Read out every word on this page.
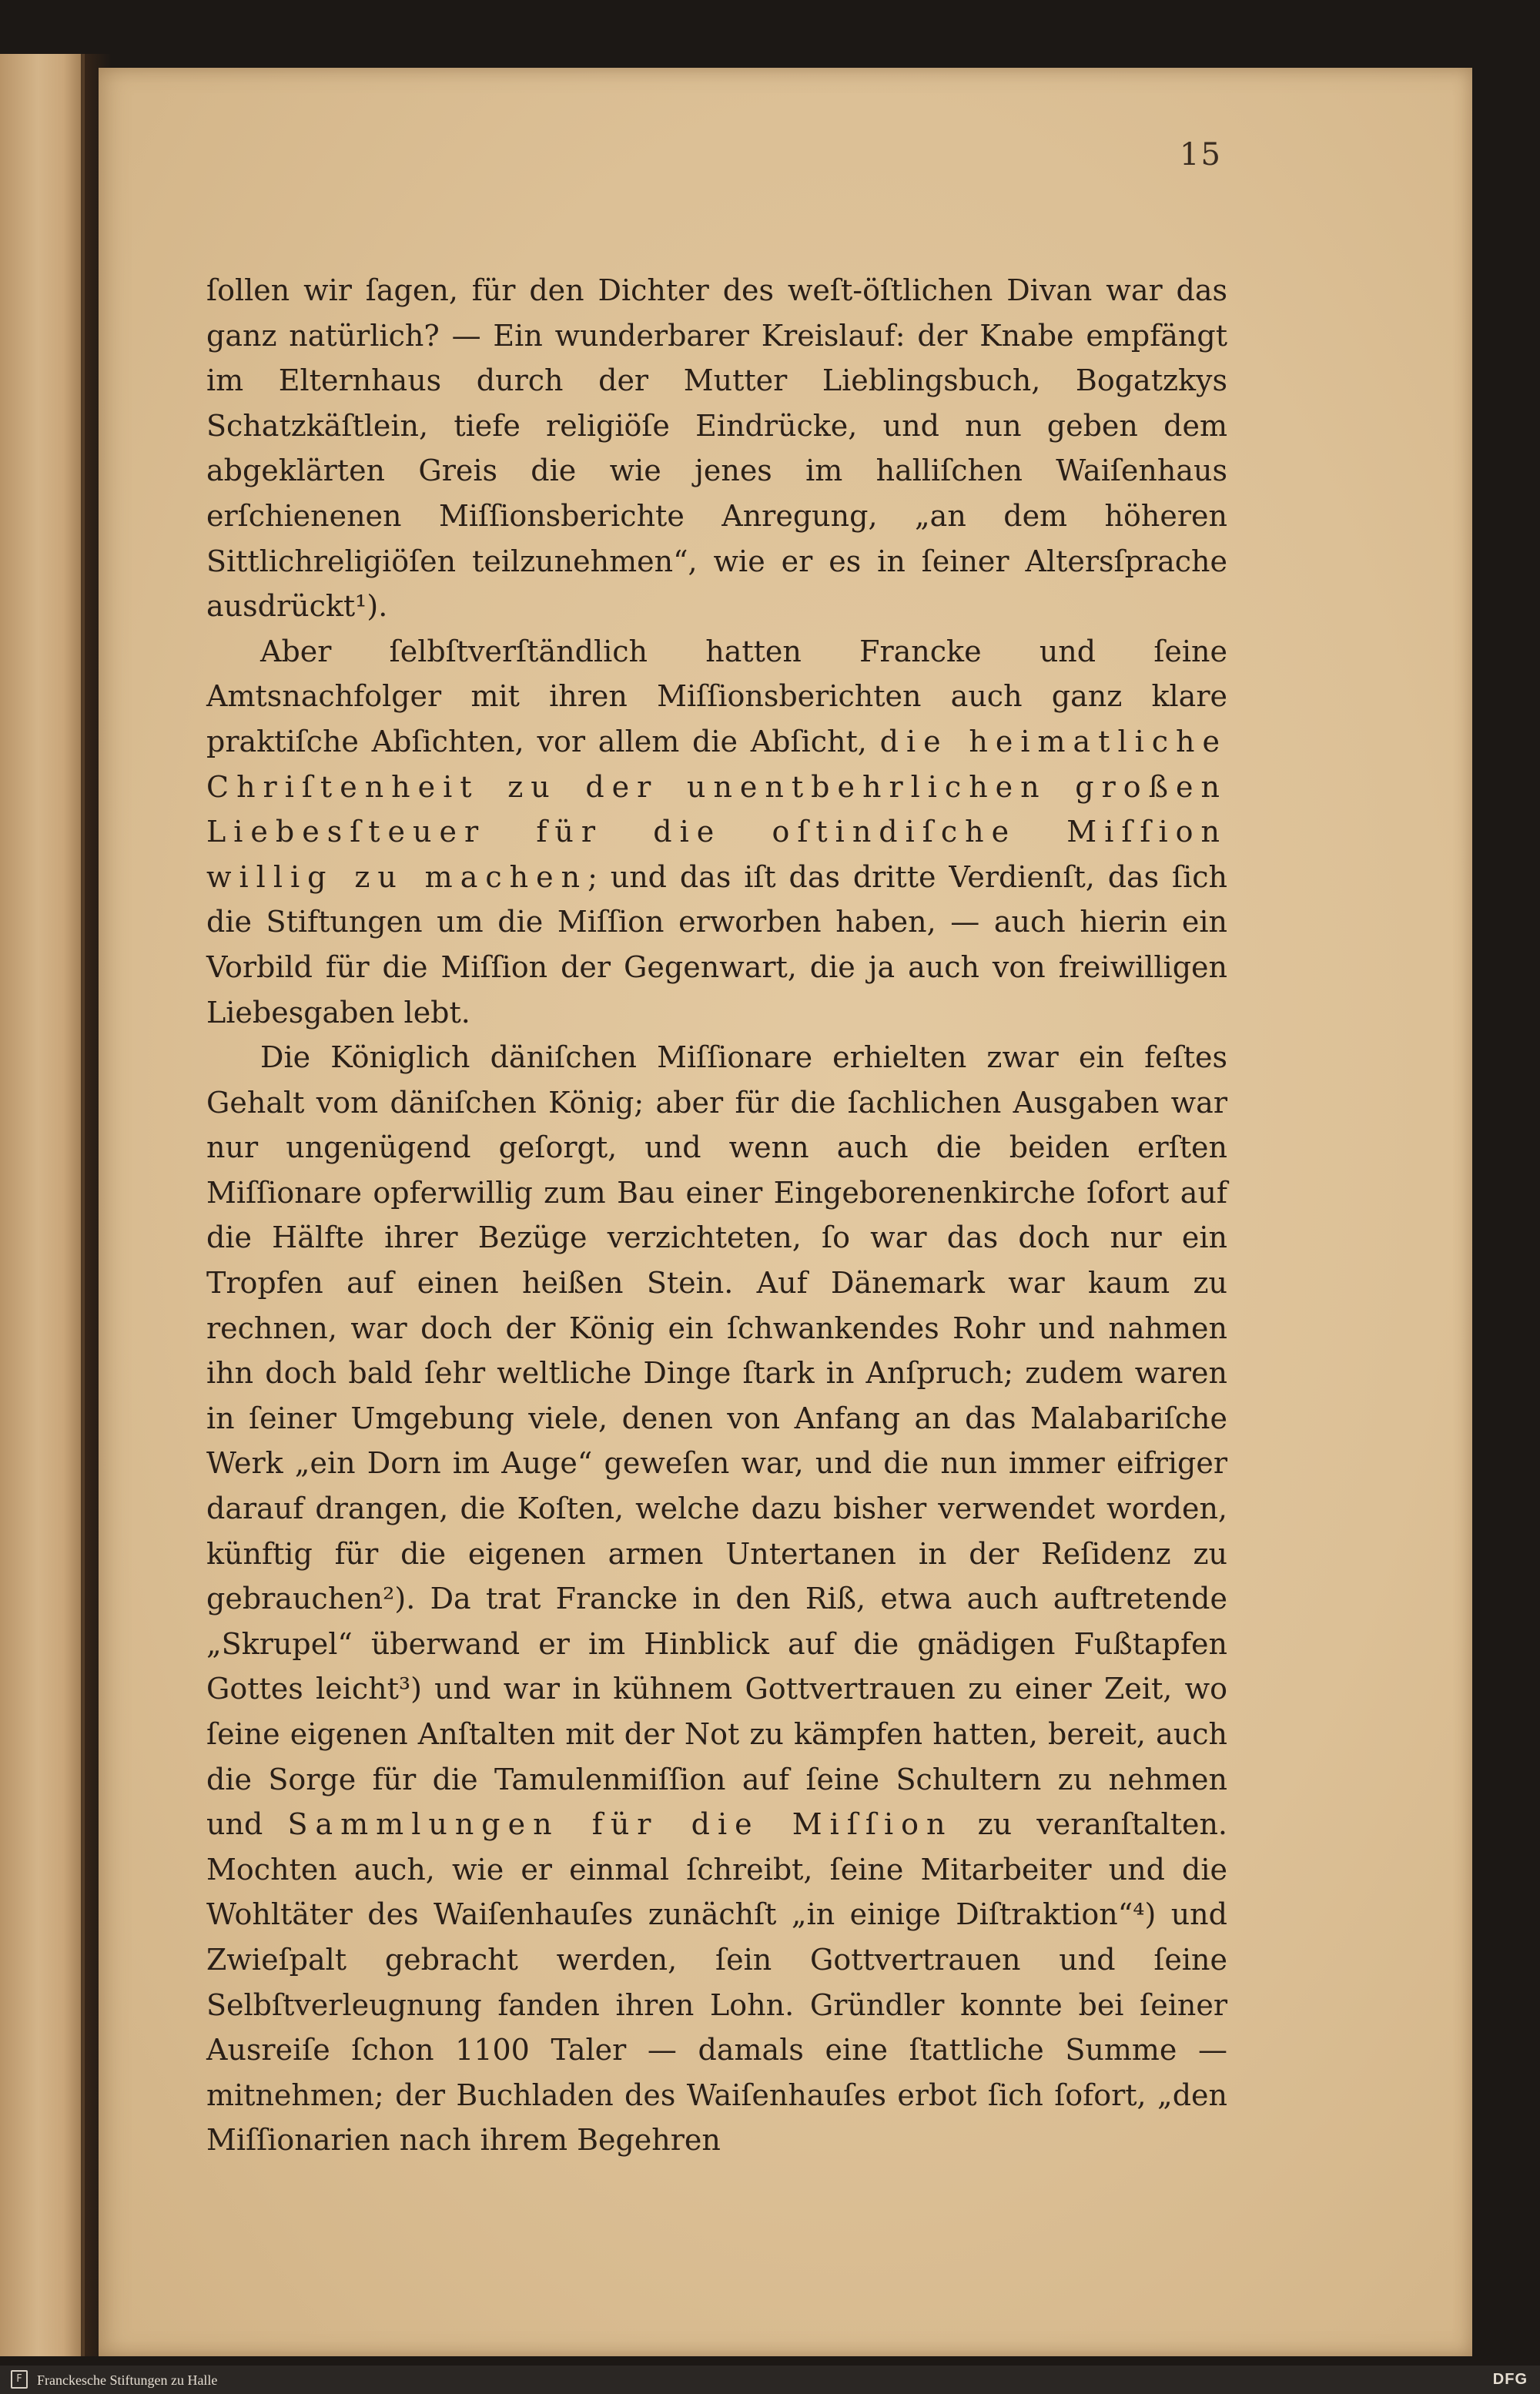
15

ſollen wir ſagen, für den Dichter des weſt‑öſtlichen Divan war das ganz natürlich? — Ein wunderbarer Kreislauf: der Knabe empfängt im Elternhaus durch der Mutter Lieblingsbuch, Bogatzkys Schatzkäſtlein, tiefe religiöſe Eindrücke, und nun geben dem abgeklärten Greis die wie jenes im halliſchen Waiſenhaus erſchienenen Miſſionsberichte Anregung, „an dem höheren Sittlichreligiöſen teilzunehmen“, wie er es in ſeiner Altersſprache ausdrückt¹).

Aber ſelbſtverſtändlich hatten Francke und ſeine Amtsnachfolger mit ihren Miſſionsberichten auch ganz klare praktiſche Abſichten, vor allem die Abſicht, die heimatliche Chriſtenheit zu der unentbehrlichen großen Liebesſteuer für die oſtindiſche Miſſion willig zu machen; und das iſt das dritte Verdienſt, das ſich die Stiftungen um die Miſſion erworben haben, — auch hierin ein Vorbild für die Miſſion der Gegenwart, die ja auch von freiwilligen Liebesgaben lebt.

Die Königlich däniſchen Miſſionare erhielten zwar ein feſtes Gehalt vom däniſchen König; aber für die ſachlichen Ausgaben war nur ungenügend geſorgt, und wenn auch die beiden erſten Miſſionare opferwillig zum Bau einer Eingeborenenkirche ſofort auf die Hälfte ihrer Bezüge verzichteten, ſo war das doch nur ein Tropfen auf einen heißen Stein. Auf Dänemark war kaum zu rechnen, war doch der König ein ſchwankendes Rohr und nahmen ihn doch bald ſehr weltliche Dinge ſtark in Anſpruch; zudem waren in ſeiner Umgebung viele, denen von Anfang an das Malabariſche Werk „ein Dorn im Auge“ geweſen war, und die nun immer eifriger darauf drangen, die Koſten, welche dazu bisher verwendet worden, künftig für die eigenen armen Untertanen in der Reſidenz zu gebrauchen²). Da trat Francke in den Riß, etwa auch auftretende „Skrupel“ überwand er im Hinblick auf die gnädigen Fußtapfen Gottes leicht³) und war in kühnem Gottvertrauen zu einer Zeit, wo ſeine eigenen Anſtalten mit der Not zu kämpfen hatten, bereit, auch die Sorge für die Tamulenmiſſion auf ſeine Schultern zu nehmen und Sammlungen für die Miſſion zu veranſtalten. Mochten auch, wie er einmal ſchreibt, ſeine Mitarbeiter und die Wohltäter des Waiſenhauſes zunächſt „in einige Diſtraktion“⁴) und Zwieſpalt gebracht werden, ſein Gottvertrauen und ſeine Selbſtverleugnung fanden ihren Lohn. Gründler konnte bei ſeiner Ausreiſe ſchon 1100 Taler — damals eine ſtattliche Summe — mitnehmen; der Buchladen des Waiſenhauſes erbot ſich ſofort, „den Miſſionarien nach ihrem Begehren

F	Franckesche Stiftungen zu Halle	DFG
